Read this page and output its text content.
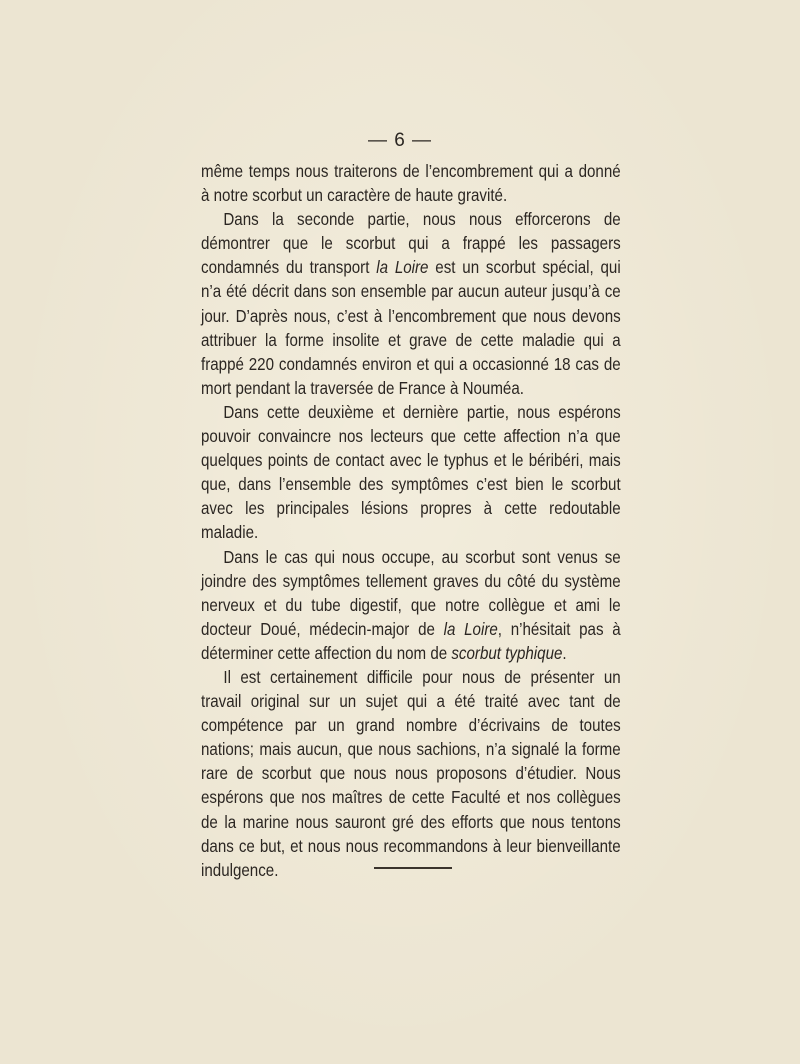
— 6 —

même temps nous traiterons de l’encombrement qui a donné à notre scorbut un caractère de haute gravité.

Dans la seconde partie, nous nous efforcerons de démontrer que le scorbut qui a frappé les passagers condamnés du transport la Loire est un scorbut spécial, qui n’a été décrit dans son ensemble par aucun auteur jusqu’à ce jour. D’après nous, c’est à l’encombrement que nous devons attribuer la forme insolite et grave de cette maladie qui a frappé 220 condamnés environ et qui a occasionné 18 cas de mort pendant la traversée de France à Nouméa.

Dans cette deuxième et dernière partie, nous espérons pouvoir convaincre nos lecteurs que cette affection n’a que quelques points de contact avec le typhus et le béribéri, mais que, dans l’ensemble des symptômes c’est bien le scorbut avec les principales lésions propres à cette redoutable maladie.

Dans le cas qui nous occupe, au scorbut sont venus se joindre des symptômes tellement graves du côté du système nerveux et du tube digestif, que notre collègue et ami le docteur Doué, médecin-major de la Loire, n’hésitait pas à déterminer cette affection du nom de scorbut typhique.

Il est certainement difficile pour nous de présenter un travail original sur un sujet qui a été traité avec tant de compétence par un grand nombre d’écrivains de toutes nations; mais aucun, que nous sachions, n’a signalé la forme rare de scorbut que nous nous proposons d’étudier. Nous espérons que nos maîtres de cette Faculté et nos collègues de la marine nous sauront gré des efforts que nous tentons dans ce but, et nous nous recommandons à leur bienveillante indulgence.
